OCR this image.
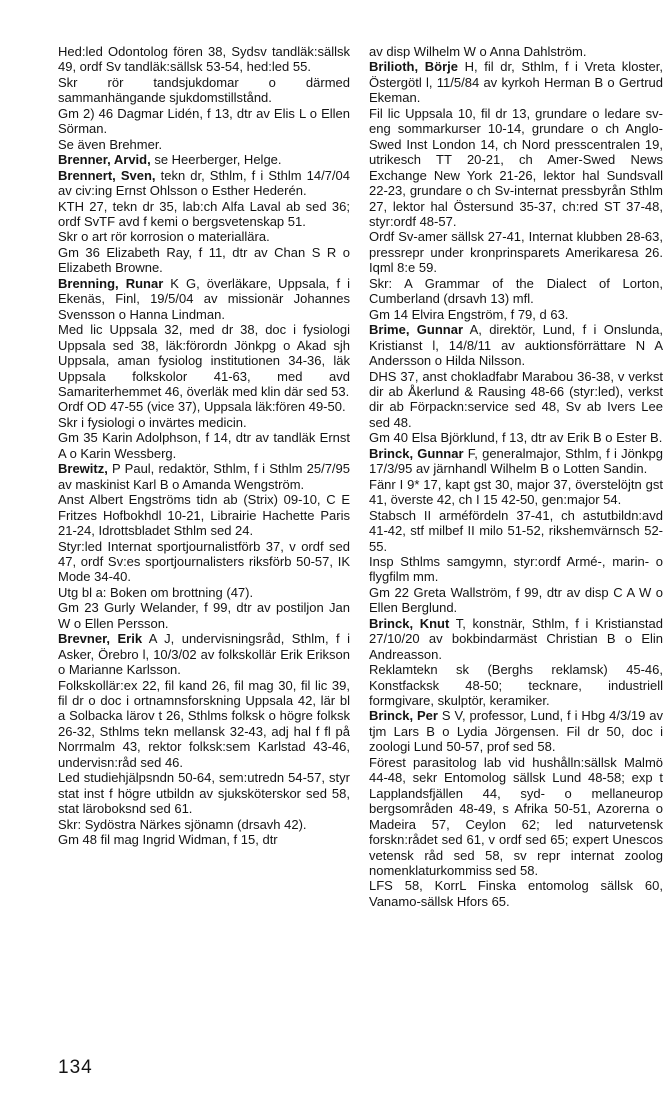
Hed:led Odontolog fören 38, Sydsv tandläk:sällsk 49, ordf Sv tandläk:sällsk 53-54, hed:led 55.

Skr rör tandsjukdomar o därmed sammanhängande sjukdomstillstånd.

Gm 2) 46 Dagmar Lidén, f 13, dtr av Elis L o Ellen Sörman.

Se även Brehmer.

Brenner, Arvid, se Heerberger, Helge.

Brennert, Sven, tekn dr, Sthlm, f i Sthlm 14/7/04 av civ:ing Ernst Ohlsson o Esther Hederén.

KTH 27, tekn dr 35, lab:ch Alfa Laval ab sed 36; ordf SvTF avd f kemi o bergsvetenskap 51.

Skr o art rör korrosion o materiallära.

Gm 36 Elizabeth Ray, f 11, dtr av Chan S R o Elizabeth Browne.

Brenning, Runar K G, överläkare, Uppsala, f i Ekenäs, Finl, 19/5/04 av missionär Johannes Svensson o Hanna Lindman.

Med lic Uppsala 32, med dr 38, doc i fysiologi Uppsala sed 38, läk:förordn Jönkpg o Akad sjh Uppsala, aman fysiolog institutionen 34-36, läk Uppsala folkskolor 41-63, med avd Samariterhemmet 46, överläk med klin där sed 53.

Ordf OD 47-55 (vice 37), Uppsala läk:fören 49-50.

Skr i fysiologi o invärtes medicin.

Gm 35 Karin Adolphson, f 14, dtr av tandläk Ernst A o Karin Wessberg.

Brewitz, P Paul, redaktör, Sthlm, f i Sthlm 25/7/95 av maskinist Karl B o Amanda Wengström.

Anst Albert Engströms tidn ab (Strix) 09-10, C E Fritzes Hofbokhdl 10-21, Librairie Hachette Paris 21-24, Idrottsbladet Sthlm sed 24.

Styr:led Internat sportjournalistförb 37, v ordf sed 47, ordf Sv:es sportjournalisters riksförb 50-57, IK Mode 34-40.

Utg bl a: Boken om brottning (47).

Gm 23 Gurly Welander, f 99, dtr av postiljon Jan W o Ellen Persson.

Brevner, Erik A J, undervisningsråd, Sthlm, f i Asker, Örebro l, 10/3/02 av folkskollär Erik Erikson o Marianne Karlsson.

Folkskollär:ex 22, fil kand 26, fil mag 30, fil lic 39, fil dr o doc i ortnamnsforskning Uppsala 42, lär bl a Solbacka lärov t 26, Sthlms folksk o högre folksk 26-32, Sthlms tekn mellansk 32-43, adj hal f fl på Norrmalm 43, rektor folksk:sem Karlstad 43-46, undervisn:råd sed 46.

Led studiehjälpsndn 50-64, sem:utredn 54-57, styr stat inst f högre utbildn av sjuksköterskor sed 58, stat läroboksnd sed 61.

Skr: Sydöstra Närkes sjönamn (drsavh 42).

Gm 48 fil mag Ingrid Widman, f 15, dtr

av disp Wilhelm W o Anna Dahlström.

Brilioth, Börje H, fil dr, Sthlm, f i Vreta kloster, Östergötl l, 11/5/84 av kyrkoh Herman B o Gertrud Ekeman.

Fil lic Uppsala 10, fil dr 13, grundare o ledare sv-eng sommarkurser 10-14, grundare o ch Anglo-Swed Inst London 14, ch Nord presscentralen 19, utrikesch TT 20-21, ch Amer-Swed News Exchange New York 21-26, lektor hal Sundsvall 22-23, grundare o ch Sv-internat pressbyrån Sthlm 27, lektor hal Östersund 35-37, ch:red ST 37-48, styr:ordf 48-57.

Ordf Sv-amer sällsk 27-41, Internat klubben 28-63, pressrepr under kronprinsparets Amerikaresa 26. Iqml 8:e 59.

Skr: A Grammar of the Dialect of Lorton, Cumberland (drsavh 13) mfl.

Gm 14 Elvira Engström, f 79, d 63.

Brime, Gunnar A, direktör, Lund, f i Onslunda, Kristianst l, 14/8/11 av auktionsförrättare N A Andersson o Hilda Nilsson.

DHS 37, anst chokladfabr Marabou 36-38, v verkst dir ab Åkerlund & Rausing 48-66 (styr:led), verkst dir ab Förpackn:service sed 48, Sv ab Ivers Lee sed 48.

Gm 40 Elsa Björklund, f 13, dtr av Erik B o Ester B.

Brinck, Gunnar F, generalmajor, Sthlm, f i Jönkpg 17/3/95 av järnhandl Wilhelm B o Lotten Sandin.

Fänr I 9* 17, kapt gst 30, major 37, överstelöjtn gst 41, överste 42, ch I 15 42-50, gen:major 54.

Stabsch II arméfördeln 37-41, ch astutbildn:avd 41-42, stf milbef II milo 51-52, rikshemvärnsch 52-55.

Insp Sthlms samgymn, styr:ordf Armé-, marin- o flygfilm mm.

Gm 22 Greta Wallström, f 99, dtr av disp C A W o Ellen Berglund.

Brinck, Knut T, konstnär, Sthlm, f i Kristianstad 27/10/20 av bokbindarmäst Christian B o Elin Andreasson.

Reklamtekn sk (Berghs reklamsk) 45-46, Konstfacksk 48-50; tecknare, industriell formgivare, skulptör, keramiker.

Brinck, Per S V, professor, Lund, f i Hbg 4/3/19 av tjm Lars B o Lydia Jörgensen. Fil dr 50, doc i zoologi Lund 50-57, prof sed 58.

Förest parasitolog lab vid hushålln:sällsk Malmö 44-48, sekr Entomolog sällsk Lund 48-58; exp t Lapplandsfjällen 44, syd- o mellaneurop bergsområden 48-49, s Afrika 50-51, Azorerna o Madeira 57, Ceylon 62; led naturvetensk forskn:rådet sed 61, v ordf sed 65; expert Unescos vetensk råd sed 58, sv repr internat zoolog nomenklaturkommiss sed 58.

LFS 58, KorrL Finska entomolog sällsk 60, Vanamo-sällsk Hfors 65.

134
